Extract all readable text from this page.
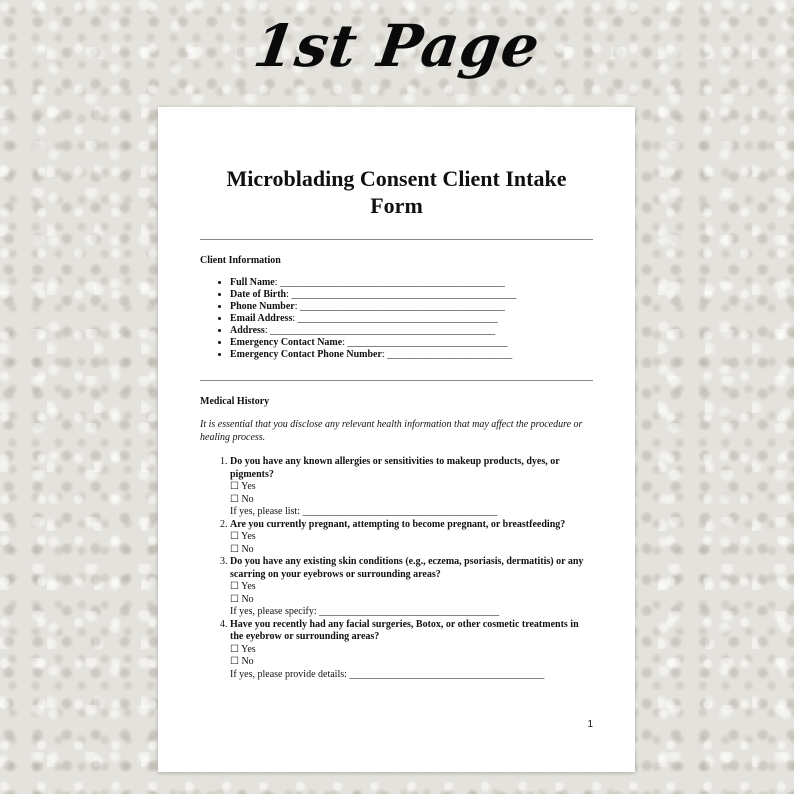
1st Page
Microblading Consent Client Intake Form

Client Information

• Full Name: _____________________________________________
• Date of Birth: _____________________________________________
• Phone Number: _________________________________________
• Email Address: ________________________________________
• Address: _____________________________________________
• Emergency Contact Name: ________________________________
• Emergency Contact Phone Number: _________________________

Medical History

It is essential that you disclose any relevant health information that may affect the procedure or healing process.

1. Do you have any known allergies or sensitivities to makeup products, dyes, or pigments?
☐ Yes
☐ No
If yes, please list: _______________________________________
2. Are you currently pregnant, attempting to become pregnant, or breastfeeding?
☐ Yes
☐ No
3. Do you have any existing skin conditions (e.g., eczema, psoriasis, dermatitis) or any scarring on your eyebrows or surrounding areas?
☐ Yes
☐ No
If yes, please specify: ____________________________________
4. Have you recently had any facial surgeries, Botox, or other cosmetic treatments in the eyebrow or surrounding areas?
☐ Yes
☐ No
If yes, please provide details: _______________________________________
1
